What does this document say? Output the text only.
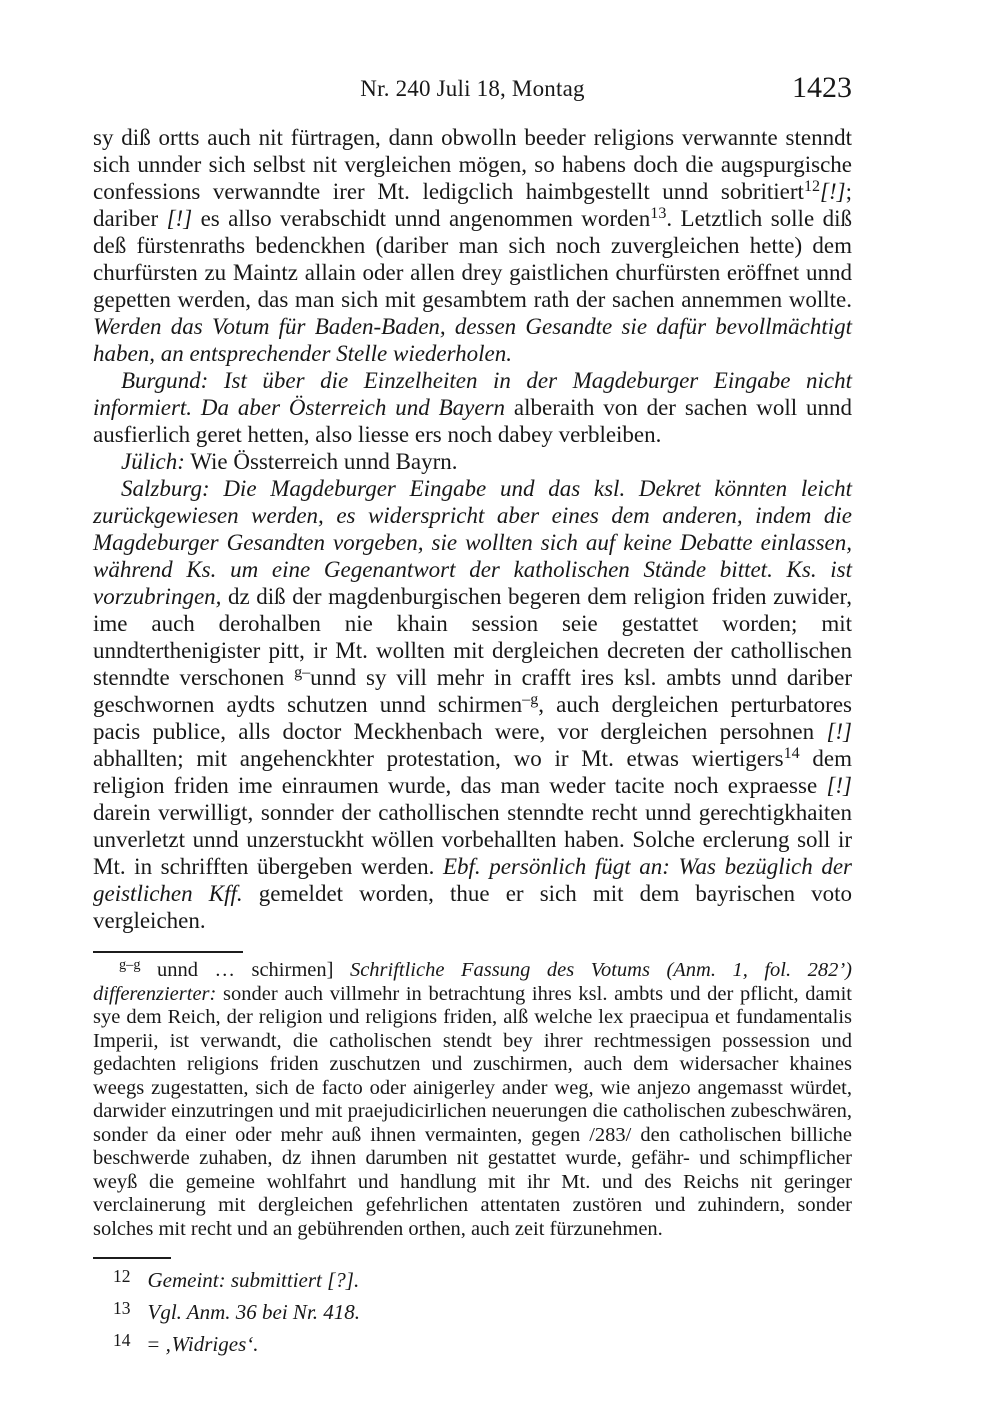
Nr. 240 Juli 18, Montag	1423

sy diß ortts auch nit fürtragen, dann obwolln beeder religions verwannte stenndt sich unnder sich selbst nit vergleichen mögen, so habens doch die augspurgische confessions verwanndte irer Mt. ledigclich haimbgestellt unnd sobritiert$^{12}$[!]; dariber [!] es allso verabschidt unnd angenommen worden$^{13}$. Letztlich solle diß deß fürstenraths bedenckhen (dariber man sich noch zuvergleichen hette) dem churfürsten zu Maintz allain oder allen drey gaistlichen churfürsten eröffnet unnd gepetten werden, das man sich mit gesambtem rath der sachen annemmen wollte. Werden das Votum für Baden-Baden, dessen Gesandte sie dafür bevollmächtigt haben, an entsprechender Stelle wiederholen.

Burgund: Ist über die Einzelheiten in der Magdeburger Eingabe nicht informiert. Da aber Österreich und Bayern alberaith von der sachen woll unnd ausfierlich geret hetten, also liesse ers noch dabey verbleiben.

Jülich: Wie Össterreich unnd Bayrn.

Salzburg: Die Magdeburger Eingabe und das ksl. Dekret könnten leicht zurückgewiesen werden, es widerspricht aber eines dem anderen, indem die Magdeburger Gesandten vorgeben, sie wollten sich auf keine Debatte einlassen, während Ks. um eine Gegenantwort der katholischen Stände bittet. Ks. ist vorzubringen, dz diß der magdenburgischen begeren dem religion friden zuwider, ime auch derohalben nie khain session seie gestattet worden; mit unndterthenigister pitt, ir Mt. wollten mit dergleichen decreten der cathollischen stenndte verschonen $^{g-}$unnd sy vill mehr in crafft ires ksl. ambts unnd dariber geschwornen aydts schutzen unnd schirmen$^{-g}$, auch dergleichen perturbatores pacis publice, alls doctor Meckhenbach were, vor dergleichen persohnen [!] abhallten; mit angehenckhter protestation, wo ir Mt. etwas wiertigers$^{14}$ dem religion friden ime einraumen wurde, das man weder tacite noch expraesse [!] darein verwilligt, sonnder der cathollischen stenndte recht unnd gerechtigkhaiten unverletzt unnd unzerstuckht wöllen vorbehallten haben. Solche erclerung soll ir Mt. in schrifften übergeben werden. Ebf. persönlich fügt an: Was bezüglich der geistlichen Kff. gemeldet worden, thue er sich mit dem bayrischen voto vergleichen.

$^{g-g}$ unnd … schirmen] Schriftliche Fassung des Votums (Anm. 1, fol. 282’) differenzierter: sonder auch villmehr in betrachtung ihres ksl. ambts und der pflicht, damit sye dem Reich, der religion und religions friden, alß welche lex praecipua et fundamentalis Imperii, ist verwandt, die catholischen stendt bey ihrer rechtmessigen possession und gedachten religions friden zuschutzen und zuschirmen, auch dem widersacher khaines weegs zugestatten, sich de facto oder ainigerley ander weg, wie anjezo angemasst würdet, darwider einzutringen und mit praejudicirlichen neuerungen die catholischen zubeschwären, sonder da einer oder mehr auß ihnen vermainten, gegen /283/ den catholischen billiche beschwerde zuhaben, dz ihnen darumben nit gestattet wurde, gefähr- und schimpflicher weyß die gemeine wohlfahrt und handlung mit ihr Mt. und des Reichs nit geringer verclainerung mit dergleichen gefehrlichen attentaten zustören und zuhindern, sonder solches mit recht und an gebührenden orthen, auch zeit fürzunehmen.

12 Gemeint: submittiert [?].
13 Vgl. Anm. 36 bei Nr. 418.
14 = ‚Widriges‘.
